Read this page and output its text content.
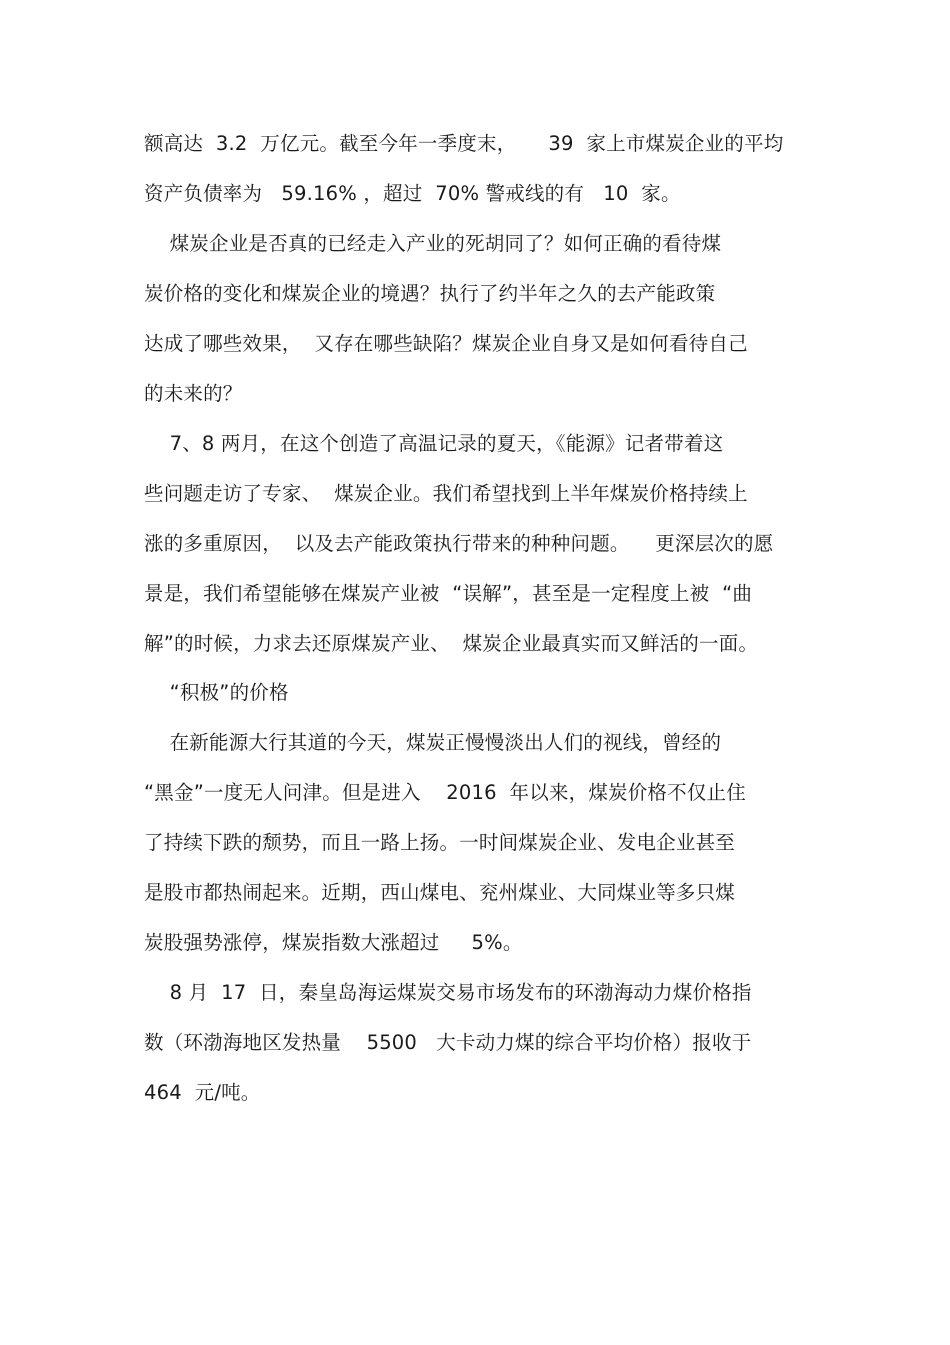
额高达  3.2  万亿元。截至今年一季度末，     39  家上市煤炭企业的平均
资产负债率为   59.16% ，超过  70% 警戒线的有   10  家。
煤炭企业是否真的已经走入产业的死胡同了？如何正确的看待煤
炭价格的变化和煤炭企业的境遇？执行了约半年之久的去产能政策
达成了哪些效果，  又存在哪些缺陷？煤炭企业自身又是如何看待自己
的未来的？
7、8 两月，在这个创造了高温记录的夏天，《能源》记者带着这
些问题走访了专家、  煤炭企业。我们希望找到上半年煤炭价格持续上
涨的多重原因，  以及去产能政策执行带来的种种问题。    更深层次的愿
景是，我们希望能够在煤炭产业被  “误解”，甚至是一定程度上被  “曲
解”的时候，力求去还原煤炭产业、  煤炭企业最真实而又鲜活的一面。
“积极”的价格
在新能源大行其道的今天，煤炭正慢慢淡出人们的视线，曾经的
“黑金”一度无人问津。但是进入    2016  年以来，煤炭价格不仅止住
了持续下跌的颓势，而且一路上扬。一时间煤炭企业、发电企业甚至
是股市都热闹起来。近期，西山煤电、兖州煤业、大同煤业等多只煤
炭股强势涨停，煤炭指数大涨超过     5%。
8 月  17  日，秦皇岛海运煤炭交易市场发布的环渤海动力煤价格指
数（环渤海地区发热量    5500   大卡动力煤的综合平均价格）报收于
464  元/吨。
